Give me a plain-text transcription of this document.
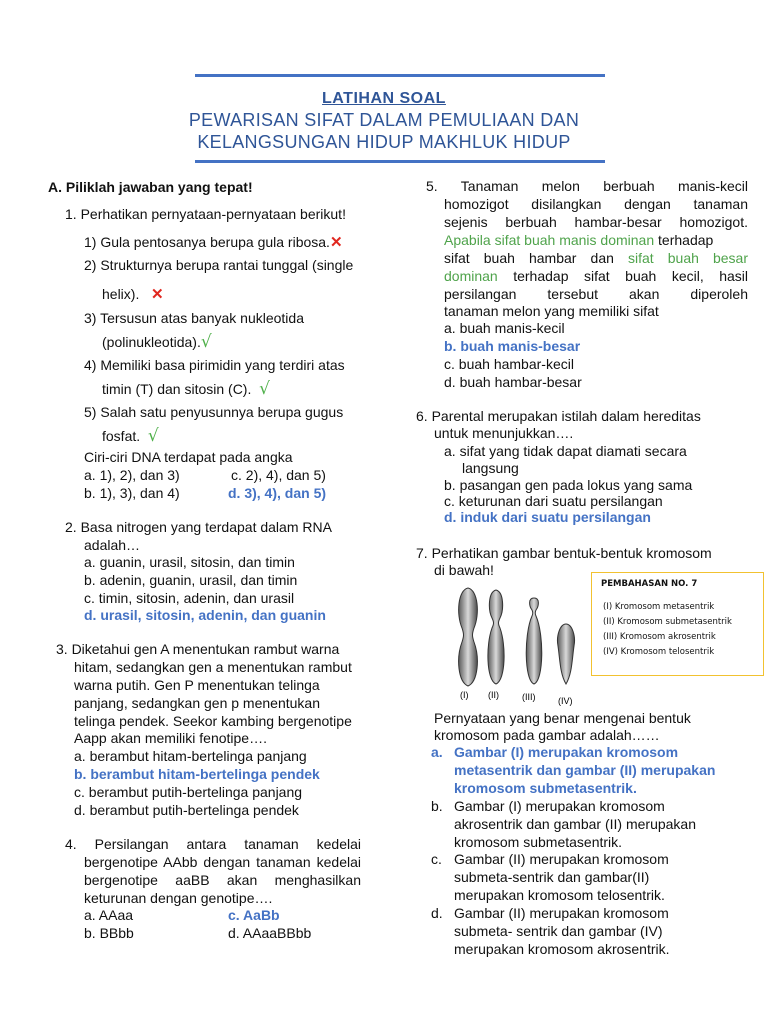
LATIHAN SOAL
PEWARISAN SIFAT DALAM PEMULIAAN DAN
KELANGSUNGAN HIDUP MAKHLUK HIDUP
A. Piliklah jawaban yang tepat!
1. Perhatikan pernyataan-pernyataan berikut!
1) Gula pentosanya berupa gula ribosa.✕
2) Strukturnya berupa rantai tunggal (single
helix). ✕
3) Tersusun atas banyak nukleotida
(polinukleotida).√
4) Memiliki basa pirimidin yang terdiri atas
timin (T) dan sitosin (C). √
5) Salah satu penyusunnya berupa gugus
fosfat. √
Ciri-ciri DNA terdapat pada angka
a. 1), 2), dan 3)	c. 2), 4), dan 5)
b. 1), 3), dan 4)	d. 3), 4), dan 5)
2. Basa nitrogen yang terdapat dalam RNA
adalah…
a. guanin, urasil, sitosin, dan timin
b. adenin, guanin, urasil, dan timin
c. timin, sitosin, adenin, dan urasil
d. urasil, sitosin, adenin, dan guanin
3. Diketahui gen A menentukan rambut warna
hitam, sedangkan gen a menentukan rambut
warna putih. Gen P menentukan telinga
panjang, sedangkan gen p menentukan
telinga pendek. Seekor kambing bergenotipe
Aapp akan memiliki fenotipe….
a. berambut hitam-bertelinga panjang
b. berambut hitam-bertelinga pendek
c. berambut putih-bertelinga panjang
d. berambut putih-bertelinga pendek
4. Persilangan antara tanaman kedelai
bergenotipe AAbb dengan tanaman kedelai
bergenotipe aaBB akan menghasilkan
keturunan dengan genotipe….
a. AAaa	c. AaBb
b. BBbb	d. AAaaBBbb
5. Tanaman melon berbuah manis-kecil
homozigot disilangkan dengan tanaman
sejenis berbuah hambar-besar homozigot.
Apabila sifat buah manis dominan terhadap
sifat buah hambar dan sifat buah besar
dominan terhadap sifat buah kecil, hasil
persilangan tersebut akan diperoleh
tanaman melon yang memiliki sifat
a. buah manis-kecil
b. buah manis-besar
c. buah hambar-kecil
d. buah hambar-besar
6. Parental merupakan istilah dalam hereditas
untuk menunjukkan….
a. sifat yang tidak dapat diamati secara
langsung
b. pasangan gen pada lokus yang sama
c. keturunan dari suatu persilangan
d. induk dari suatu persilangan
7. Perhatikan gambar bentuk-bentuk kromosom
di bawah!
(I) (II)	(III)	(IV)
PEMBAHASAN NO. 7
(I) Kromosom metasentrik
(II) Kromosom submetasentrik
(III) Kromosom akrosentrik
(IV) Kromosom telosentrik
Pernyataan yang benar mengenai bentuk
kromosom pada gambar adalah……
a. Gambar (I) merupakan kromosom
metasentrik dan gambar (II) merupakan
kromosom submetasentrik.
b. Gambar (I) merupakan kromosom
akrosentrik dan gambar (II) merupakan
kromosom submetasentrik.
c. Gambar (II) merupakan kromosom
submeta-sentrik dan gambar(II)
merupakan kromosom telosentrik.
d. Gambar (II) merupakan kromosom
submeta- sentrik dan gambar (IV)
merupakan kromosom akrosentrik.
